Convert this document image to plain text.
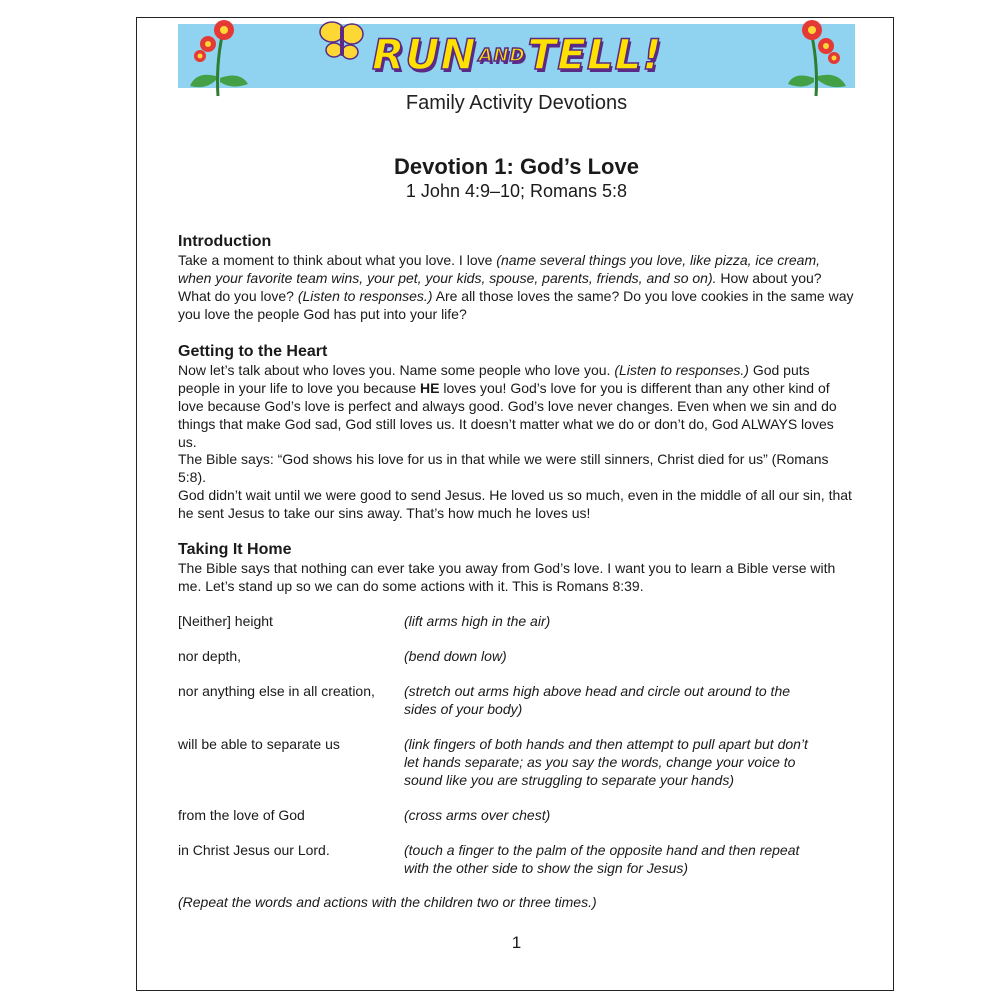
RUN ANDTELL!
Family Activity Devotions
Devotion 1: God’s Love
1 John 4:9–10; Romans 5:8
Introduction

Take a moment to think about what you love. I love (name several things you love, like pizza, ice cream, when your favorite team wins, your pet, your kids, spouse, parents, friends, and so on). How about you? What do you love? (Listen to responses.) Are all those loves the same? Do you love cookies in the same way you love the people God has put into your life?

Getting to the Heart

Now let’s talk about who loves you. Name some people who love you. (Listen to responses.) God puts people in your life to love you because HE loves you! God’s love for you is different than any other kind of love because God’s love is perfect and always good. God’s love never changes. Even when we sin and do things that make God sad, God still loves us. It doesn’t matter what we do or don’t do, God ALWAYS loves us.

The Bible says: “God shows his love for us in that while we were still sinners, Christ died for us” (Romans 5:8).
God didn’t wait until we were good to send Jesus. He loved us so much, even in the middle of all our sin, that he sent Jesus to take our sins away. That’s how much he loves us!
Taking It Home

The Bible says that nothing can ever take you away from God’s love. I want you to learn a Bible verse with me. Let’s stand up so we can do some actions with it. This is Romans 8:39.

[Neither] height	(lift arms high in the air)
nor depth,	(bend down low)
nor anything else in all creation,	(stretch out arms high above head and circle out around to the sides of your body)
will be able to separate us	(link fingers of both hands and then attempt to pull apart but don’t let hands separate; as you say the words, change your voice to sound like you are struggling to separate your hands)
from the love of God	(cross arms over chest)
in Christ Jesus our Lord.	(touch a finger to the palm of the opposite hand and then repeat with the other side to show the sign for Jesus)
(Repeat the words and actions with the children two or three times.)
1
